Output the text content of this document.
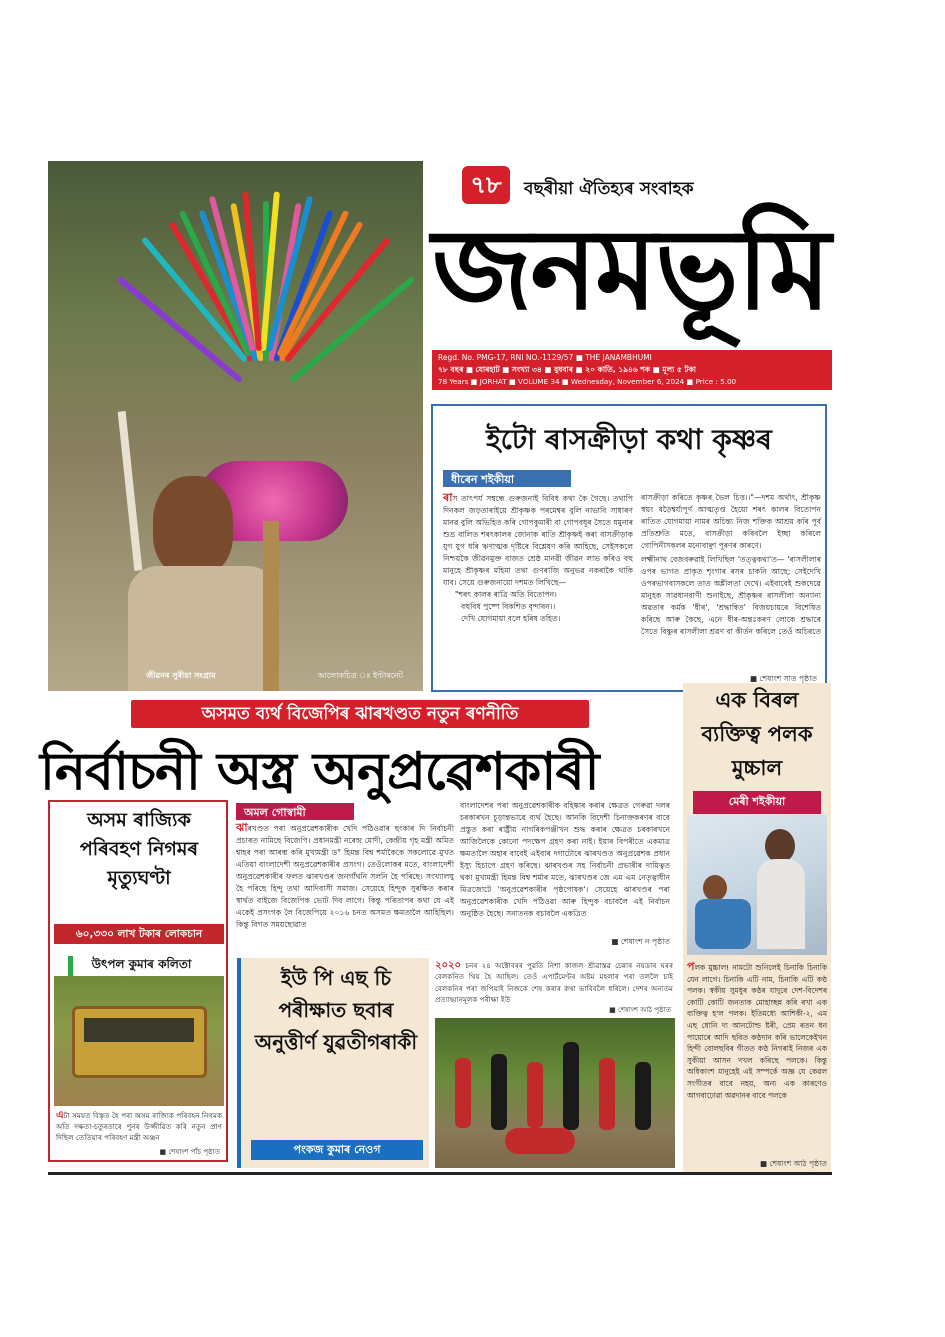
জীৱনৰ সুৰীয়া সংগ্ৰাম	আলোকচিত্ৰ ঃ ইণ্টাৰনেট
৭৮	বছৰীয়া ঐতিহ্যৰ সংবাহক
জনমভূমি
Regd. No. PMG-17, RNI NO.-1129/57 ■ THE JANAMBHUMI
৭৮ বছৰ ■ যোৰহাট ■ সংখ্যা ৩৪ ■ বুধবাৰ ■ ২০ কাতি, ১৯৪৬ শক ■ মূল্য ৫ টকা
78 Years ■ JORHAT ■ VOLUME 34 ■ Wednesday, November 6, 2024 ■ Price : 5.00
ইটো ৰাসক্ৰীড়া কথা কৃষ্ণৰ
ধীৰেন শইকীয়া

ৰাস তাৎপৰ্য সম্বন্ধে গুৰুজনাই বিবিধ কথা কৈ গৈছে। তথাপি দিনকল জড়তাৰাইয়ে শ্ৰীকৃষ্ণক পৰমেশ্বৰ বুলি নাভাবি সাধাৰণ মানৱ বুলি অভিহিত কৰি গোপকুমাৰী বা গোপবধূৰ সৈতে যমুনাৰ শুভ্ৰ বালিত শৰৎকালৰ জোনাক ৰাতি শ্ৰীকৃষ্ণই কৰা বাসক্ৰীড়াক যুগ যুগ ধৰি ঋণাত্মক দৃষ্টিৰে বিশ্লেষণ কৰি আহিছে, সেইসকলে নিশ্চয়কৈ জীৱনমুক্ত বাজত শ্ৰেষ্ঠ মানৱী জীৱন লাভ কৰিও বহু মানুহে শ্ৰীকৃষ্ণৰ মহিমা তথা গুণৰাজি অনুভৱ নকৰাকৈ থাকি যাব। সেয়ে গুৰুজনায়ো দশমত লিখিছে—

"শৰৎ কালৰ ৰাত্ৰি অতি বিতোপন।

বহুবিধ পুষ্পে বিকশিত বৃন্দাবন।।

দেখি যোগমায়া বলে হৰিষ তহিত।

ৰাসক্ৰীড়া কৰিতে কৃষ্ণৰ ভৈল চিত্ত।।"—দশম অৰ্থাৎ, শ্ৰীকৃষ্ণ স্বয়ং ষড়ৈশ্বৰ্য্যপূৰ্ণ আত্মতৃপ্ত হৈয়ো শৰৎ কালৰ বিতোপন ৰাতিত যোগমায়া নামৰ অচিন্ত্য নিজ শক্তিক আশ্ৰয় কৰি পূৰ্ব প্ৰতিশ্ৰুতি মতে, বাসক্ৰীড়া কৰিবলৈ ইচ্ছা কৰিলে গোপিনীসকলৰ মনোবাঞ্ছা পূৰণৰ কাৰণে।

লক্ষ্মীনাথ বেজবৰুৱাই লিখিছিল 'তত্ত্বকথা'ত— 'ৰাসলীলাৰ ওপৰ ভাগত প্ৰাকৃত শৃংগাৰ ৰসৰ চাকনি আছে; সেইদেখি ওপৰভাগবাসকলে তাত অশ্লীলতা দেখে। এইবাবেই শুকদেৱে মানুহক সাৱধানবাণী শুনাইছে, শ্ৰীকৃষ্ণৰ ৰাসলীলা অন্যান্য অৱতাৰ কৰ্মক 'ধীৰ', 'শ্ৰদ্ধান্বিত' বিজয়চায়ৰে বিশেষিত কৰিছে আৰু কৈছে, এনে ধীৰ-অন্তঃকৰণ লোকে শ্ৰদ্ধাৰে সৈতে বিষ্ণুৰ ৰাসলীলা শ্ৰৱণ বা কীৰ্তন কৰিলে তেওঁ অচিৰতে

■ শেষাংশ সাত পৃষ্ঠাত
অসমত ব্যৰ্থ বিজেপিৰ ঝাৰখণ্ডত নতুন ৰণনীতি
নিৰ্বাচনী অস্ত্ৰ অনুপ্ৰৱেশকাৰী
এক বিৰল ব্যক্তিত্ব পলক মুচ্চাল
মেৰী শইকীয়া

পলক মুচ্চাল! নামটো শুনিলেই চিনাকি চিনাকি যেন লাগে। চিনাকি এটি নাম, চিনাকি এটি কণ্ঠ পলক। স্বকীয় সুমধুৰ কণ্ঠৰ যাদুৰে দেশ-বিদেশৰ কোটি কোটি জনতাক মোহাচ্ছন্ন কৰি ৰখা এক ব্যক্তিত্ব হ'ল পলক। ইতিমধ্যে আশিকী-২, এম এছ ধোনি দ্য আনটোল্ড ষ্টৰী, প্ৰেম ৰতন ধন পায়োৰে আদি ছবিত কণ্ঠদান কৰি ভালেকেইখন হিন্দী বোলছবিৰ গীতত কণ্ঠ নিগৰাই নিজৰ এক সুকীয়া আসন দখল কৰিছে পলকে। কিন্তু অধিকাংশ মানুহেই এই সম্পৰ্কে অজ্ঞ যে কেৱল সংগীতৰ বাবে নহয়, অন্য এক কাৰণেও আগবাঢ়োৱা অৱদানৰ বাবে পলকে

■ শেষাংশ আঠ পৃষ্ঠাত
অমল গোস্বামী

ঝাৰখণ্ডত পৰা অনুপ্ৰৱেশকাৰীক খেদি পঠিওৱাৰ ছংকাৰ দি নিৰ্বাচনী প্ৰচাৰত নামিছে বিজেপি। প্ৰধানমন্ত্ৰী নৰেন্দ্ৰ মোদী, কেন্দ্ৰীয় গৃহ মন্ত্ৰী অমিত শ্বাহৰ পৰা আৰম্ভ কৰি মুখ্যমন্ত্ৰী ড° হিমন্ত বিশ্ব শৰ্মাকৈকে সকলোৱে মুখত এতিয়া বাংলাদেশী অনুপ্ৰৱেশকাৰীৰ প্ৰসংগ। তেওঁলোকৰ মতে, বাংলাদেশী অনুপ্ৰৱেশকাৰীৰ ফলত ঝাৰখণ্ডৰ জনগাঁথনি সলনি হৈ পৰিছে। সংখ্যালঘু হৈ পৰিছে হিন্দু তথা আদিবাসী সমাজ। সেয়েহে হিন্দুক সুৰক্ষিত কৰাৰ স্বাৰ্থত বাইজে বিজেপিক ভোট দিব লাগে। কিন্তু পৰিতাপৰ কথা যে এই একেই প্ৰসংগক লৈ বিজেপিয়ে ২০১৬ চনত অসমত ক্ষমতালৈ আহিছিল। কিন্তু বিগত সময়ছোৱাত

বাংলাদেশৰ পৰা অনুপ্ৰৱেশকাৰীক বহিষ্কাৰ কৰাৰ ক্ষেত্ৰত গেৰুৱা দলৰ চৰকাৰখন চূড়ান্তভাৱে ব্যৰ্থ হৈছে। আনকি বিদেশী চিনাক্তকৰণৰ বাবে প্ৰস্তুত কৰা ৰাষ্ট্ৰীয় নাগৰিকপঞ্জীখন শুদ্ধ কৰাৰ ক্ষেত্ৰত চৰকাৰখনে আজিলৈকে কোনো পদক্ষেপ গ্ৰহণ কৰা নাই। ইয়াৰ বিপৰীতে একমাত্ৰ ক্ষমতালৈ অহাৰ বাবেই এইবাৰ দগাটোৰে ঝাৰখণ্ডত অনুপ্ৰৱেশক প্ৰধান ইস্যু হিচাপে গ্ৰহণ কৰিছে। ঝাৰখণ্ডৰ সহ নিৰ্বাচনী প্ৰভাৰীৰ দায়িত্বত থকা মুখ্যমন্ত্ৰী হিমন্ত বিশ্ব শৰ্মাৰ মতে, ঝাৰখণ্ডৰ জে এম এম নেতৃত্বাধীন মিত্ৰজোটে 'অনুপ্ৰৱেশকাৰীৰ পৃষ্ঠপোষক'। সেয়েহে ঝাৰখণ্ডৰ পৰা অনুপ্ৰৱেশকাৰীক খেদি পঠিওৱা আৰু হিন্দুক বচাবলৈ এই নিৰ্বাচন অনুষ্ঠিত হৈছে। সনাতনক বচাবলৈ একত্ৰিত

■ শেষাংশ ন পৃষ্ঠাত
অসম ৰাজ্যিক পৰিবহণ নিগমৰ মৃত্যুঘণ্টা
৬০,৩৩০ লাখ টকাৰ লোকচান
উৎপল কুমাৰ কলিতা

এটা সময়ত বিস্তৃত হৈ পৰা অসম ৰাজ্যিক পৰিবহন নিগমক অতি দক্ষতা-চতুৰতাৰে পুনৰ উজ্জীৱিত কৰি নতুন প্ৰাণ দিছিল তেতিয়াৰ পৰিবহণ মন্ত্ৰী অঞ্জন

■ শেষাংশ পাঁচ পৃষ্ঠাত
ইউ পি এছ চি পৰীক্ষাত ছবাৰ অনুত্তীৰ্ণ যুৱতীগৰাকী
পংকজ কুমাৰ নেওগ

২০২০ চনৰ ২৪ অক্টোবৰৰ পুৱতি নিশা কাজল শ্ৰীৱাস্তৱ চেন্নাৰ নয়ডাৰ ঘৰৰ বেলকনিত থিয় হৈ আছিল। তেওঁ এপাৰ্টমেণ্টৰ অষ্টম মহলাৰ পৰা তললৈ চাই বেলকনিৰ পৰা জপিয়াই নিজকে শেষ কৰাৰ কথা ভাবিবলৈ ধৰিলে। দেশৰ অন্যতম প্ৰত্যাহ্বানমূলক পৰীক্ষা ইউ

■ শেষাংশ আঠ পৃষ্ঠাত
